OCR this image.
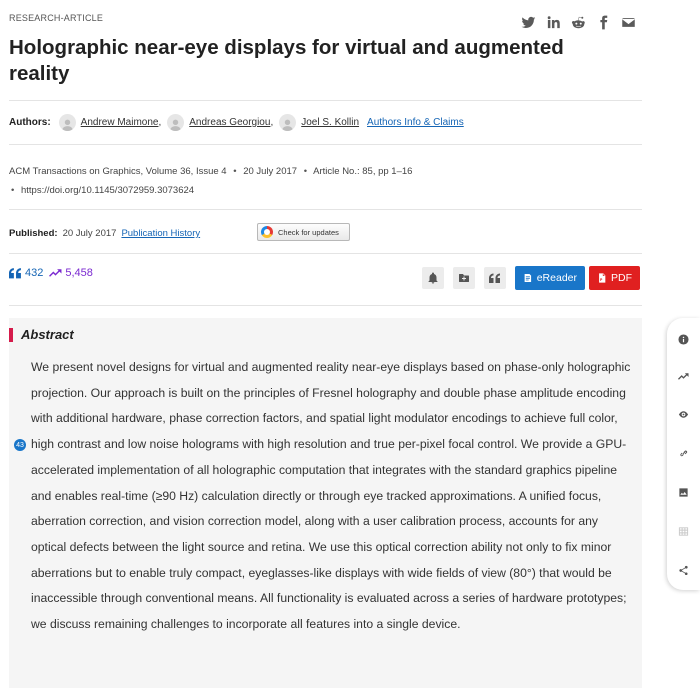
RESEARCH-ARTICLE
Holographic near-eye displays for virtual and augmented reality
Authors:	Andrew Maimone ,	Andreas Georgiou ,	Joel S. Kollin Authors Info & Claims
ACM Transactions on Graphics, Volume 36, Issue 4 • 20 July 2017 • Article No.: 85, pp 1–16
• https://doi.org/10.1145/3072959.3073624
Published: 20 July 2017 Publication History	Check for updates
432 5,458	eReader	PDF
Abstract

We present novel designs for virtual and augmented reality near-eye displays based on phase-only holographic projection. Our approach is built on the principles of Fresnel holography and double phase amplitude encoding with additional hardware, phase correction factors, and spatial light modulator encodings to achieve full color, high contrast and low noise holograms with high resolution and true per-pixel focal control. We provide a GPU-accelerated implementation of all holographic computation that integrates with the standard graphics pipeline and enables real-time (≥90 Hz) calculation directly or through eye tracked approximations. A unified focus, aberration correction, and vision correction model, along with a user calibration process, accounts for any optical defects between the light source and retina. We use this optical correction ability not only to fix minor aberrations but to enable truly compact, eyeglasses-like displays with wide fields of view (80°) that would be inaccessible through conventional means. All functionality is evaluated across a series of hardware prototypes; we discuss remaining challenges to incorporate all features into a single device.

43
